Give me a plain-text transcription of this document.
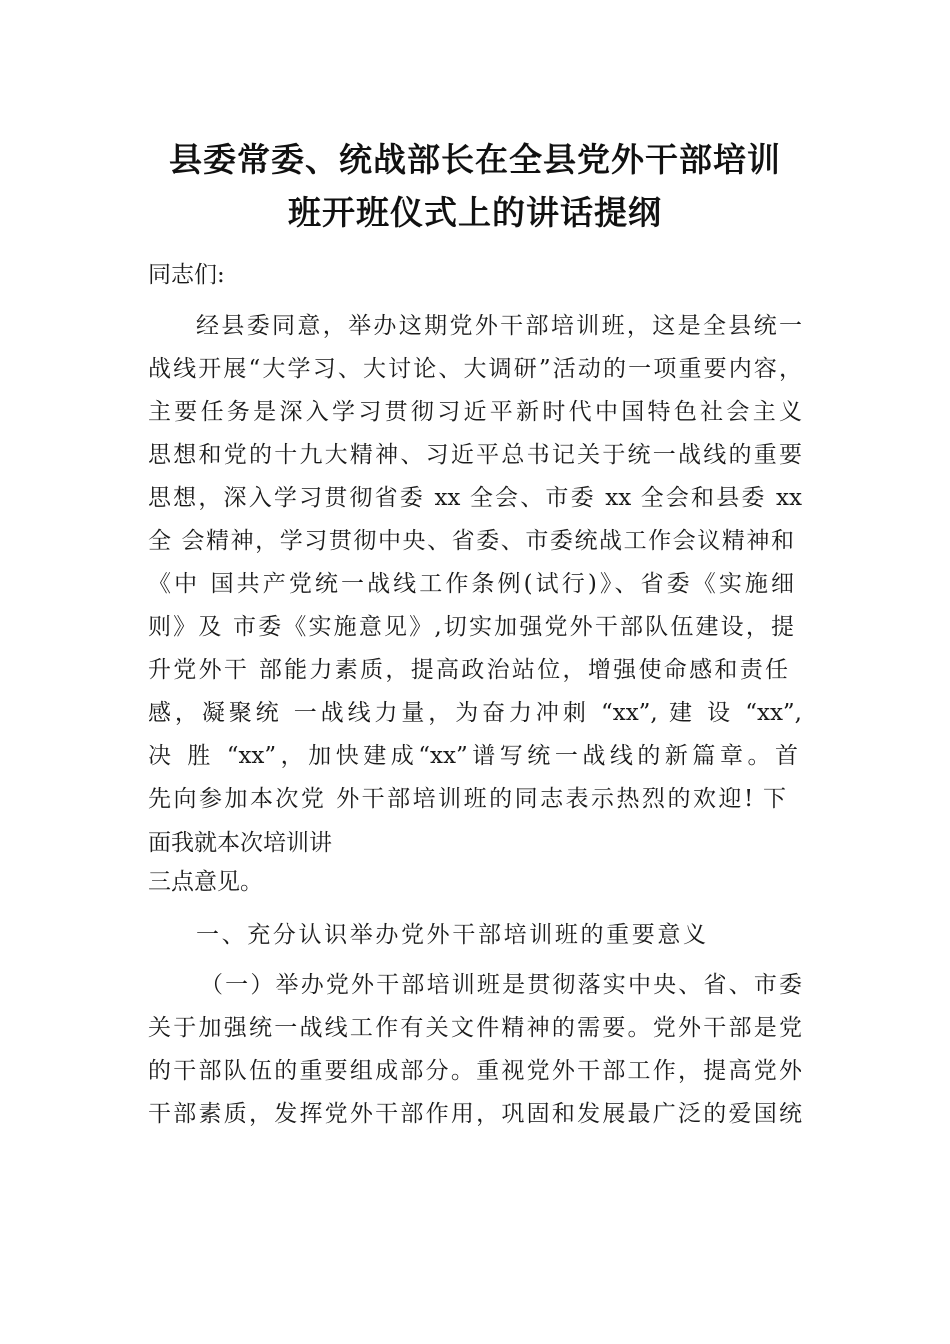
县委常委、统战部长在全县党外干部培训
班开班仪式上的讲话提纲
同志们:
经县委同意，举办这期党外干部培训班，这是全县统一
战线开展“大学习、大讨论、大调研”活动的一项重要内容，
主要任务是深入学习贯彻习近平新时代中国特色社会主义
思想和党的十九大精神、习近平总书记关于统一战线的重要
思想，深入学习贯彻省委 xx 全会、市委 xx 全会和县委 xx
全 会精神，学习贯彻中央、省委、市委统战工作会议精神和
《中 国共产党统一战线工作条例(试行)》、省委《实施细
则》及 市委《实施意见》,切实加强党外干部队伍建设，提
升党外干 部能力素质，提高政治站位，增强使命感和责任
感，凝聚统 一战线力量，为奋力冲刺 “xx”, 建 设 “xx”,
决 胜 “xx”，加快建成“xx”谱写统一战线的新篇章。首
先向参加本次党 外干部培训班的同志表示热烈的欢迎! 下
面我就本次培训讲
三点意见。
一、充分认识举办党外干部培训班的重要意义
（一）举办党外干部培训班是贯彻落实中央、省、市委
关于加强统一战线工作有关文件精神的需要。党外干部是党
的干部队伍的重要组成部分。重视党外干部工作，提高党外
干部素质，发挥党外干部作用，巩固和发展最广泛的爱国统
